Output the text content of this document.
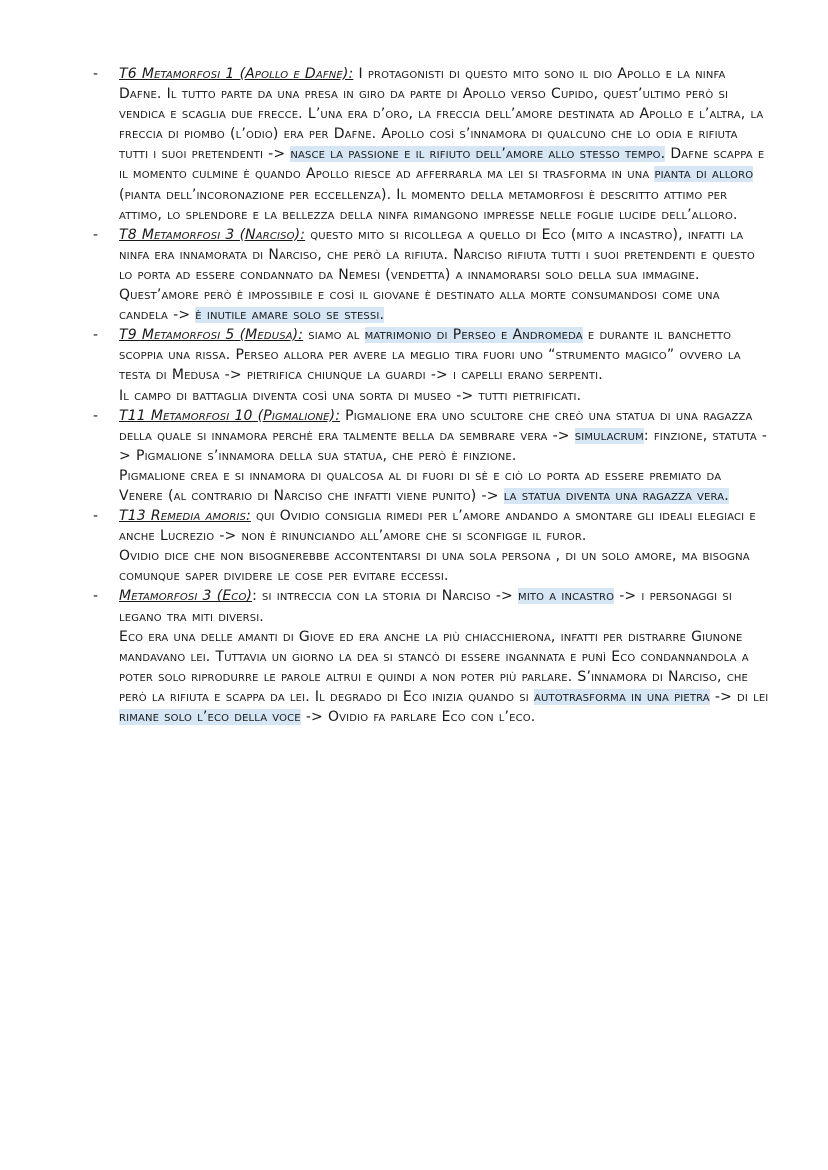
- T6 Metamorfosi 1 (Apollo e Dafne): I protagonisti di questo mito sono il dio Apollo e la ninfa Dafne. Il tutto parte da una presa in giro da parte di Apollo verso Cupido, quest’ultimo però si vendica e scaglia due frecce. L’una era d’oro, la freccia dell’amore destinata ad Apollo e l’altra, la freccia di piombo (l’odio) era per Dafne. Apollo così s’innamora di qualcuno che lo odia e rifiuta tutti i suoi pretendenti -> nasce la passione e il rifiuto dell’amore allo stesso tempo. Dafne scappa e il momento culmine è quando Apollo riesce ad afferrarla ma lei si trasforma in una pianta di alloro (pianta dell’incoronazione per eccellenza). Il momento della metamorfosi è descritto attimo per attimo, lo splendore e la bellezza della ninfa rimangono impresse nelle foglie lucide dell’alloro.
- T8 Metamorfosi 3 (Narciso): questo mito si ricollega a quello di Eco (mito a incastro), infatti la ninfa era innamorata di Narciso, che però la rifiuta. Narciso rifiuta tutti i suoi pretendenti e questo lo porta ad essere condannato da Nemesi (vendetta) a innamorarsi solo della sua immagine. Quest’amore però è impossibile e così il giovane è destinato alla morte consumandosi come una candela -> è inutile amare solo se stessi.
- T9 Metamorfosi 5 (Medusa): siamo al matrimonio di Perseo e Andromeda e durante il banchetto scoppia una rissa. Perseo allora per avere la meglio tira fuori uno “strumento magico” ovvero la testa di Medusa -> pietrifica chiunque la guardi -> i capelli erano serpenti.
Il campo di battaglia diventa così una sorta di museo -> tutti pietrificati.
- T11 Metamorfosi 10 (Pigmalione): Pigmalione era uno scultore che creò una statua di una ragazza della quale si innamora perchè era talmente bella da sembrare vera -> simulacrum: finzione, statuta -> Pigmalione s’innamora della sua statua, che però è finzione.
Pigmalione crea e si innamora di qualcosa al di fuori di sè e ciò lo porta ad essere premiato da Venere (al contrario di Narciso che infatti viene punito) -> la statua diventa una ragazza vera.
- T13 Remedia amoris: qui Ovidio consiglia rimedi per l’amore andando a smontare gli ideali elegiaci e anche Lucrezio -> non è rinunciando all’amore che si sconfigge il furor.
Ovidio dice che non bisognerebbe accontentarsi di una sola persona , di un solo amore, ma bisogna comunque saper dividere le cose per evitare eccessi.
- Metamorfosi 3 (Eco): si intreccia con la storia di Narciso -> mito a incastro -> i personaggi si legano tra miti diversi.
Eco era una delle amanti di Giove ed era anche la più chiacchierona, infatti per distrarre Giunone mandavano lei. Tuttavia un giorno la dea si stancò di essere ingannata e punì Eco condannandola a poter solo riprodurre le parole altrui e quindi a non poter più parlare. S’innamora di Narciso, che però la rifiuta e scappa da lei. Il degrado di Eco inizia quando si autotrasforma in una pietra -> di lei rimane solo l’eco della voce -> Ovidio fa parlare Eco con l’eco.
